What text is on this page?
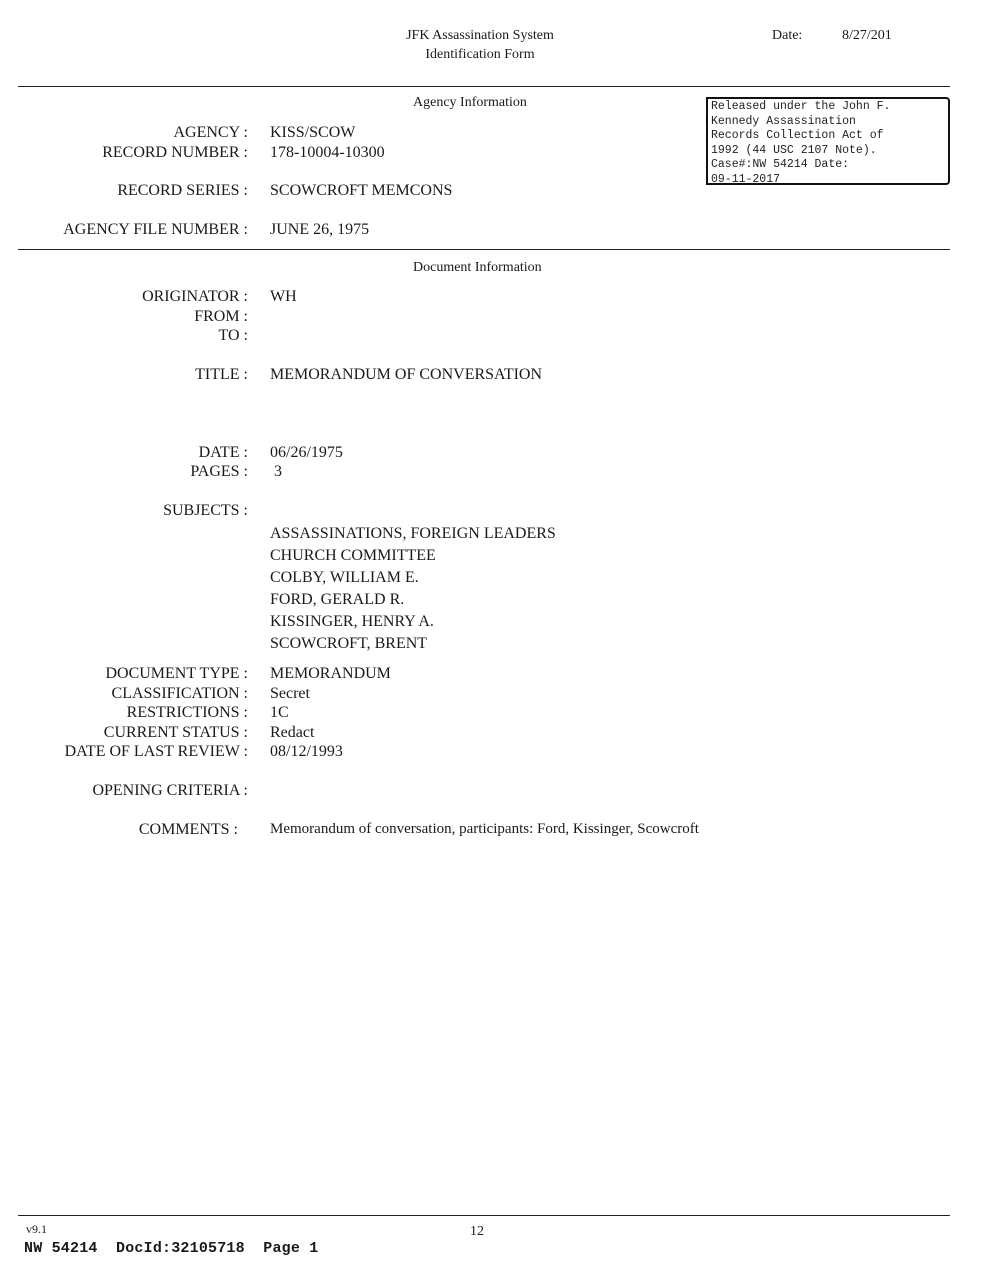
JFK Assassination System
Identification Form
Date:	8/27/201
Released under the John F.
Kennedy Assassination
Records Collection Act of
1992 (44 USC 2107 Note).
Case#:NW 54214 Date:
09-11-2017
Agency Information
AGENCY : KISS/SCOW
RECORD NUMBER : 178-10004-10300
RECORD SERIES : SCOWCROFT MEMCONS
AGENCY FILE NUMBER : JUNE 26, 1975
Document Information
ORIGINATOR : WH
FROM :
TO :
TITLE : MEMORANDUM OF CONVERSATION
DATE : 06/26/1975
PAGES : 3
SUBJECTS :
ASSASSINATIONS, FOREIGN LEADERS
CHURCH COMMITTEE
COLBY, WILLIAM E.
FORD, GERALD R.
KISSINGER, HENRY A.
SCOWCROFT, BRENT
DOCUMENT TYPE : MEMORANDUM
CLASSIFICATION : Secret
RESTRICTIONS : 1C
CURRENT STATUS : Redact
DATE OF LAST REVIEW : 08/12/1993
OPENING CRITERIA :
COMMENTS : Memorandum of conversation, participants: Ford, Kissinger, Scowcroft
v9.1	12
NW 54214  DocId:32105718  Page 1
